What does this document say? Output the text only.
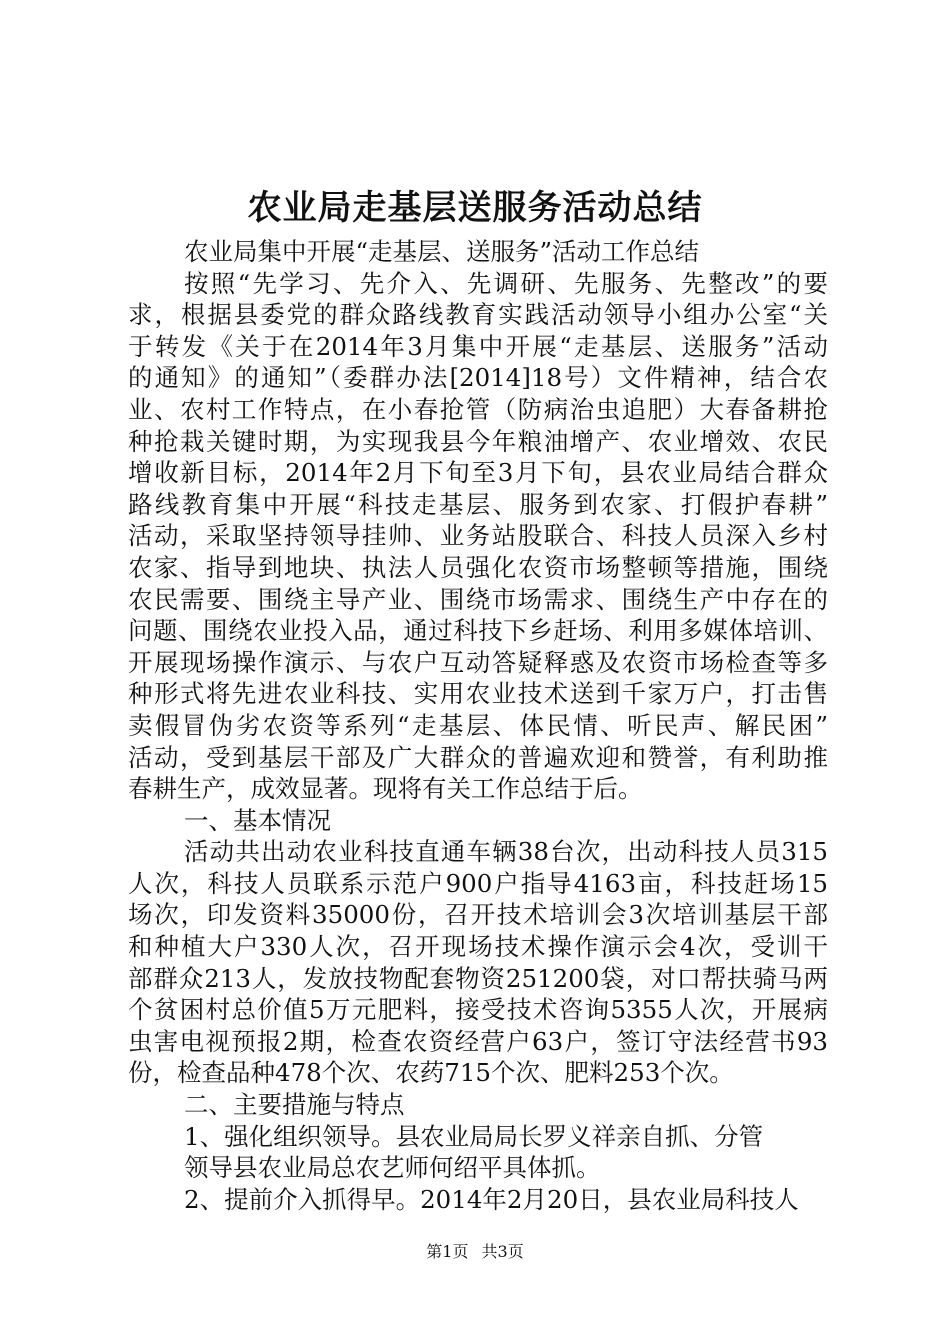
农业局走基层送服务活动总结
农业局集中开展“走基层、送服务”活动工作总结
按照“先学习、先介入、先调研、先服务、先整改”的要
求，根据县委党的群众路线教育实践活动领导小组办公室“关
于转发《关于在2014年3月集中开展“走基层、送服务”活动
的通知》的通知”（委群办法[2014]18号）文件精神，结合农
业、农村工作特点，在小春抢管（防病治虫追肥）大春备耕抢
种抢栽关键时期，为实现我县今年粮油增产、农业增效、农民
增收新目标，2014年2月下旬至3月下旬，县农业局结合群众
路线教育集中开展“科技走基层、服务到农家、打假护春耕”
活动，采取坚持领导挂帅、业务站股联合、科技人员深入乡村
农家、指导到地块、执法人员强化农资市场整顿等措施，围绕
农民需要、围绕主导产业、围绕市场需求、围绕生产中存在的
问题、围绕农业投入品，通过科技下乡赶场、利用多媒体培训、
开展现场操作演示、与农户互动答疑释惑及农资市场检查等多
种形式将先进农业科技、实用农业技术送到千家万户，打击售
卖假冒伪劣农资等系列“走基层、体民情、听民声、解民困”
活动，受到基层干部及广大群众的普遍欢迎和赞誉，有利助推
春耕生产，成效显著。现将有关工作总结于后。
一、基本情况
活动共出动农业科技直通车辆38台次，出动科技人员315
人次，科技人员联系示范户900户指导4163亩，科技赶场15
场次，印发资料35000份，召开技术培训会3次培训基层干部
和种植大户330人次，召开现场技术操作演示会4次，受训干
部群众213人，发放技物配套物资251200袋，对口帮扶骑马两
个贫困村总价值5万元肥料，接受技术咨询5355人次，开展病
虫害电视预报2期，检查农资经营户63户，签订守法经营书93
份，检查品种478个次、农药715个次、肥料253个次。
二、主要措施与特点
1、强化组织领导。县农业局局长罗义祥亲自抓、分管
领导县农业局总农艺师何绍平具体抓。
2、提前介入抓得早。2014年2月20日，县农业局科技人
第1页 共3页
